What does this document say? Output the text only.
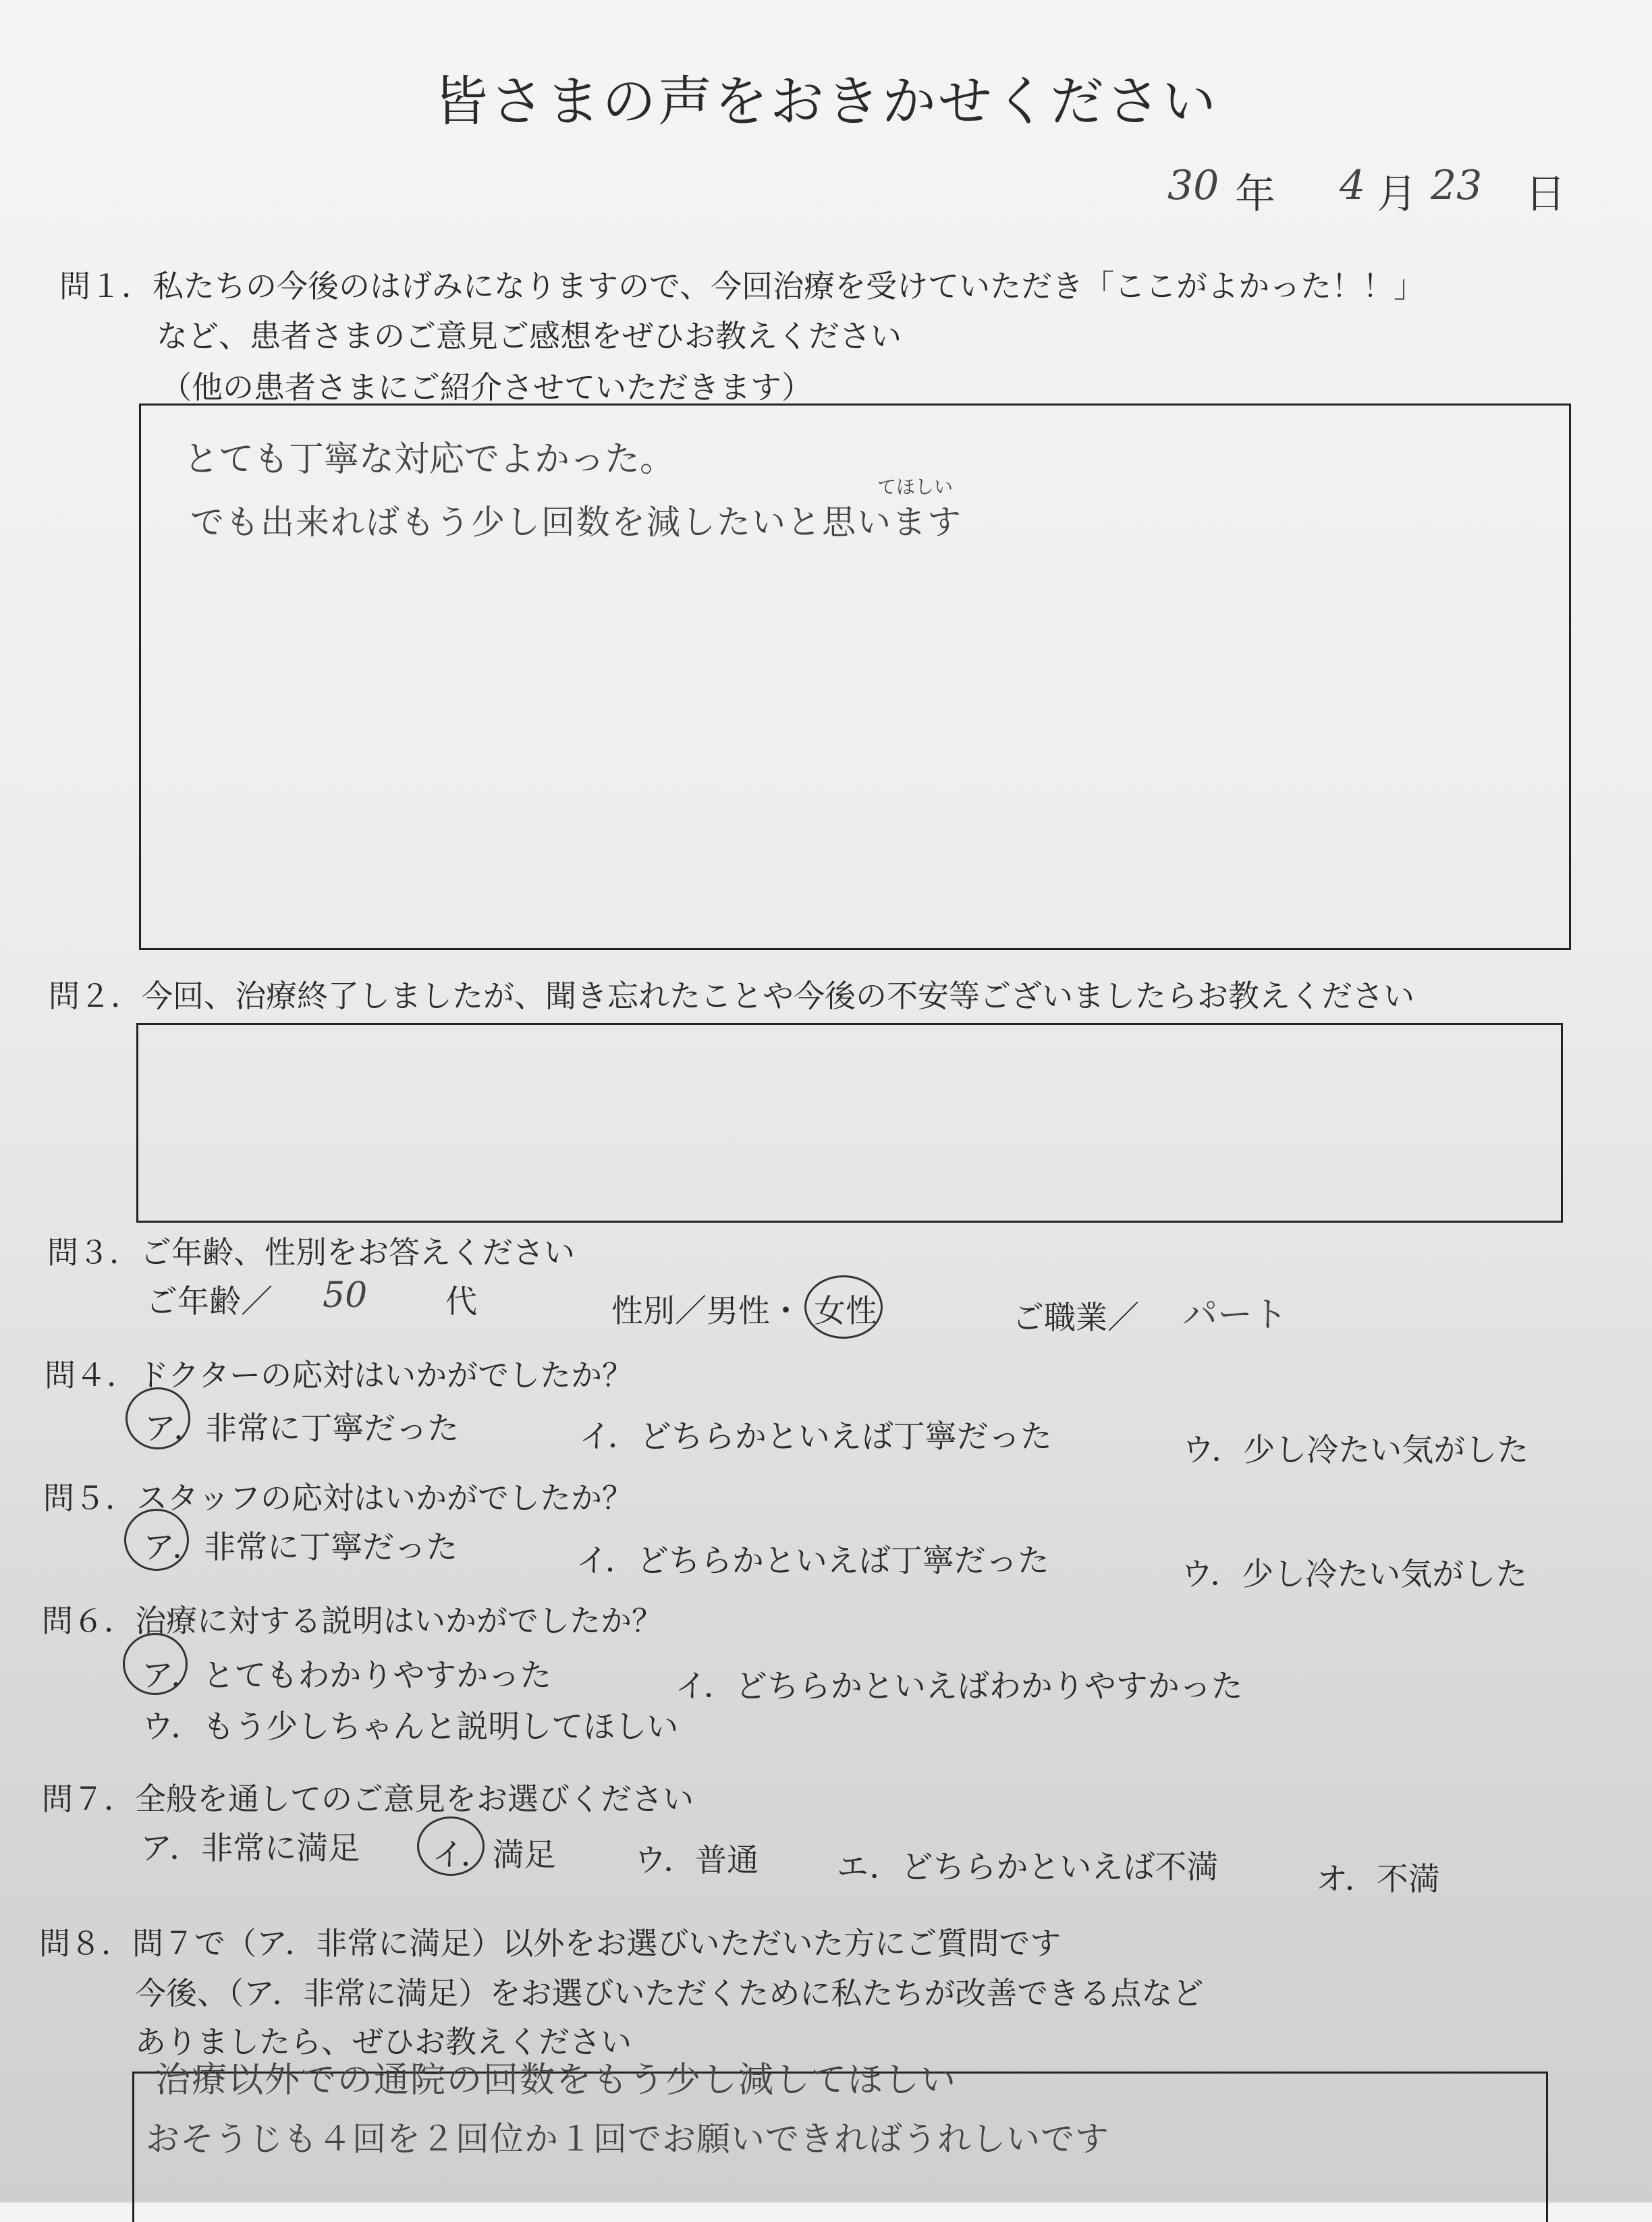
皆さまの声をおきかせください
30 年 4 月 23 日
問１．私たちの今後のはげみになりますので、今回治療を受けていただき「ここがよかった！！」
など、患者さまのご意見ご感想をぜひお教えください
（他の患者さまにご紹介させていただきます）
とても丁寧な対応でよかった。
てほしい
でも出来ればもう少し回数を減したいと思います
問２．今回、治療終了しましたが、聞き忘れたことや今後の不安等ございましたらお教えください
問３．ご年齢、性別をお答えください
ご年齢／ 50 代	性別／男性・ 女性	ご職業／ パート
問４．ドクターの応対はいかがでしたか？
ア．非常に丁寧だった	イ．どちらかといえば丁寧だった	ウ．少し冷たい気がした
問５．スタッフの応対はいかがでしたか？
ア．非常に丁寧だった	イ．どちらかといえば丁寧だった	ウ．少し冷たい気がした
問６．治療に対する説明はいかがでしたか？
ア．とてもわかりやすかった	イ．どちらかといえばわかりやすかった
ウ．もう少しちゃんと説明してほしい
問７．全般を通してのご意見をお選びください
ア．非常に満足 イ．満足 ウ．普通 エ．どちらかといえば不満	オ．不満
問８．問７で（ア．非常に満足）以外をお選びいただいた方にご質問です
今後、（ア．非常に満足）をお選びいただくために私たちが改善できる点など
ありましたら、ぜひお教えください
治療以外での通院の回数をもう少し減してほしい
おそうじも４回を２回位か１回でお願いできればうれしいです
